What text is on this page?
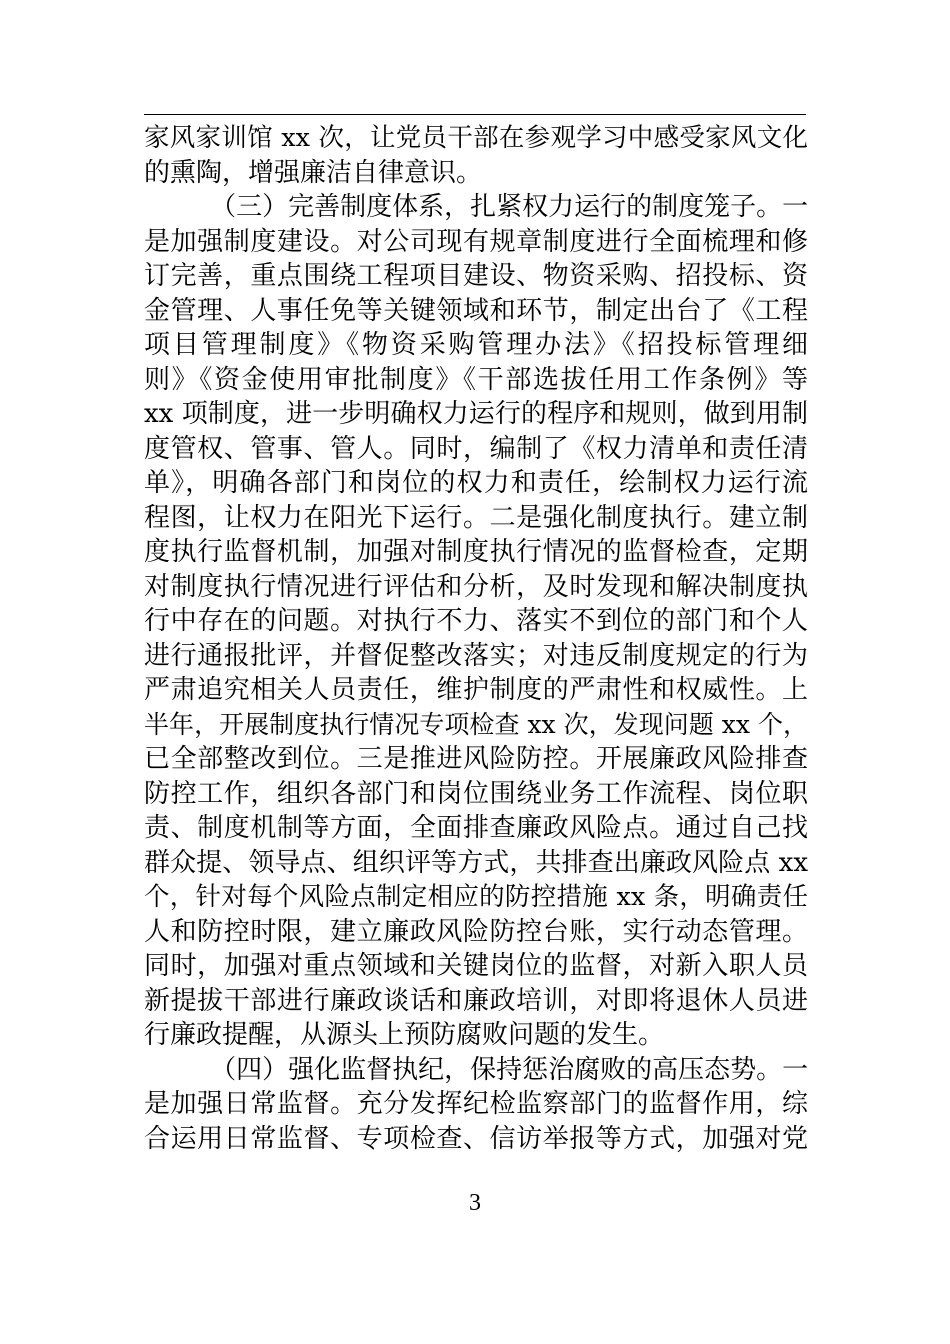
家风家训馆 xx 次，让党员干部在参观学习中感受家风文化
的熏陶，增强廉洁自律意识。
（三）完善制度体系，扎紧权力运行的制度笼子。一
是加强制度建设。对公司现有规章制度进行全面梳理和修
订完善，重点围绕工程项目建设、物资采购、招投标、资
金管理、人事任免等关键领域和环节，制定出台了《工程
项目管理制度》《物资采购管理办法》《招投标管理细
则》《资金使用审批制度》《干部选拔任用工作条例》等
xx 项制度，进一步明确权力运行的程序和规则，做到用制
度管权、管事、管人。同时，编制了《权力清单和责任清
单》，明确各部门和岗位的权力和责任，绘制权力运行流
程图，让权力在阳光下运行。二是强化制度执行。建立制
度执行监督机制，加强对制度执行情况的监督检查，定期
对制度执行情况进行评估和分析，及时发现和解决制度执
行中存在的问题。对执行不力、落实不到位的部门和个人
进行通报批评，并督促整改落实；对违反制度规定的行为
严肃追究相关人员责任，维护制度的严肃性和权威性。上
半年，开展制度执行情况专项检查 xx 次，发现问题 xx 个，
已全部整改到位。三是推进风险防控。开展廉政风险排查
防控工作，组织各部门和岗位围绕业务工作流程、岗位职
责、制度机制等方面，全面排查廉政风险点。通过自己找
群众提、领导点、组织评等方式，共排查出廉政风险点 xx
个，针对每个风险点制定相应的防控措施 xx 条，明确责任
人和防控时限，建立廉政风险防控台账，实行动态管理。
同时，加强对重点领域和关键岗位的监督，对新入职人员
新提拔干部进行廉政谈话和廉政培训，对即将退休人员进
行廉政提醒，从源头上预防腐败问题的发生。
（四）强化监督执纪，保持惩治腐败的高压态势。一
是加强日常监督。充分发挥纪检监察部门的监督作用，综
合运用日常监督、专项检查、信访举报等方式，加强对党
3
